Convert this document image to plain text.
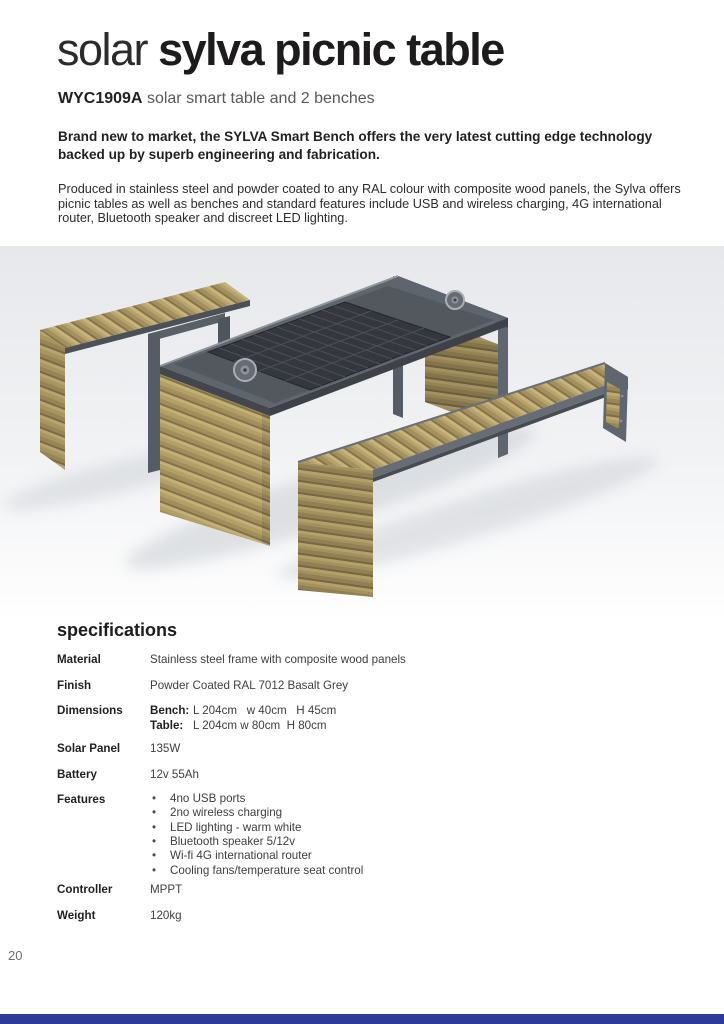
solar sylva picnic table

WYC1909A solar smart table and 2 benches

Brand new to market, the SYLVA Smart Bench offers the very latest cutting edge technology backed up by superb engineering and fabrication.

Produced in stainless steel and powder coated to any RAL colour with composite wood panels, the Sylva offers picnic tables as well as benches and standard features include USB and wireless charging, 4G international router, Bluetooth speaker and discreet LED lighting.

specifications
Material	Stainless steel frame with composite wood panels
Finish	Powder Coated RAL 7012 Basalt Grey
Dimensions Bench: L 204cm   w 40cm   H 45cm

Table: L 204cm w 80cm  H 80cm

Solar Panel	135W
Battery	12v 55Ah
Features	• 4no USB ports
• 2no wireless charging
• LED lighting - warm white
• Bluetooth speaker 5/12v
• Wi-fi 4G international router
• Cooling fans/temperature seat control
Controller	MPPT
Weight	120kg
20
